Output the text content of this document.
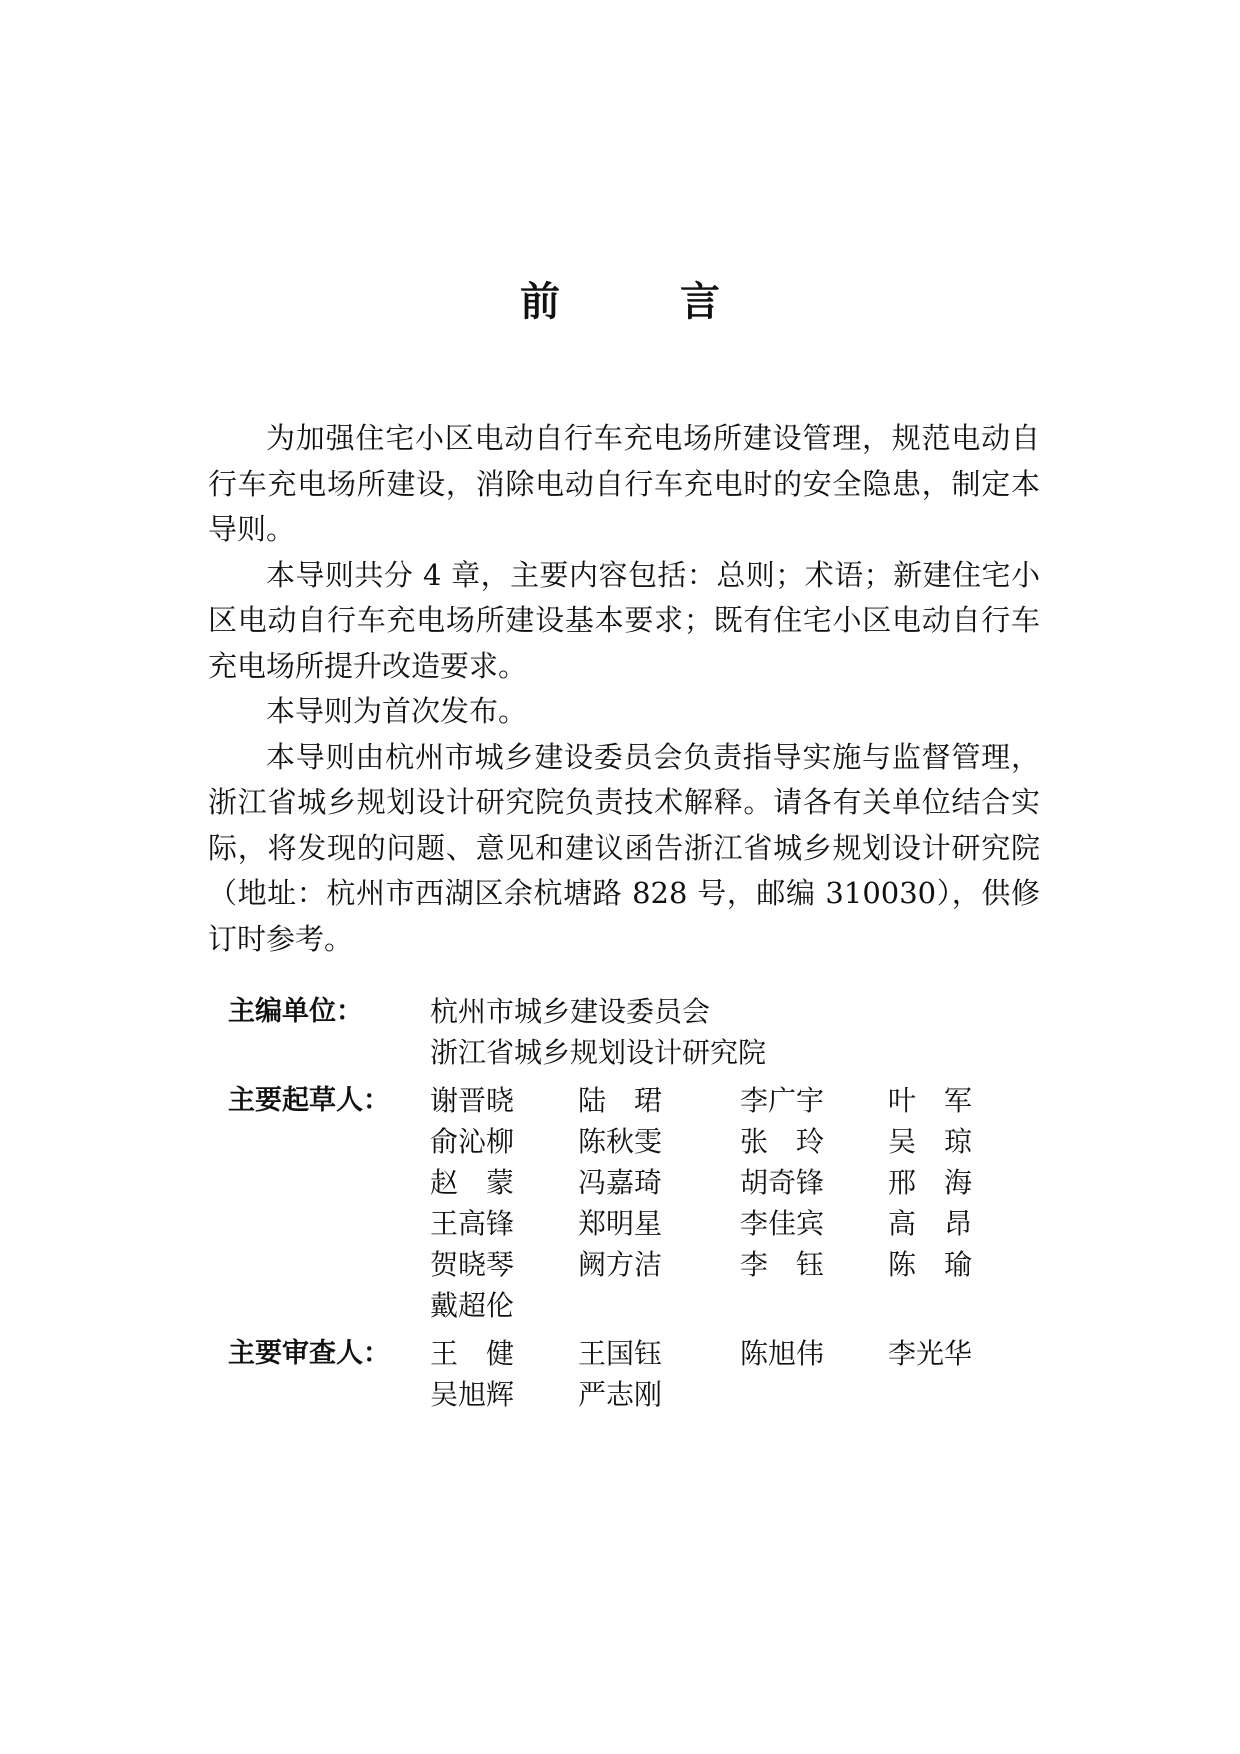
前　言

为加强住宅小区电动自行车充电场所建设管理，规范电动自行车充电场所建设，消除电动自行车充电时的安全隐患，制定本导则。

本导则共分 4 章，主要内容包括：总则；术语；新建住宅小区电动自行车充电场所建设基本要求；既有住宅小区电动自行车充电场所提升改造要求。

本导则为首次发布。

本导则由杭州市城乡建设委员会负责指导实施与监督管理，浙江省城乡规划设计研究院负责技术解释。请各有关单位结合实际，将发现的问题、意见和建议函告浙江省城乡规划设计研究院（地址：杭州市西湖区余杭塘路 828 号，邮编 310030），供修订时参考。

主编单位：	杭州市城乡建设委员会
浙江省城乡规划设计研究院
主要起草人：	谢晋晓	陆　珺	李广宇	叶　军
俞沁柳	陈秋雯	张　玲	吴　琼
赵　蒙	冯嘉琦	胡奇锋	邢　海
王高锋	郑明星	李佳宾	高　昂
贺晓琴	阙方洁	李　钰	陈　瑜
戴超伦
主要审查人：	王　健	王国钰	陈旭伟	李光华
吴旭辉	严志刚
